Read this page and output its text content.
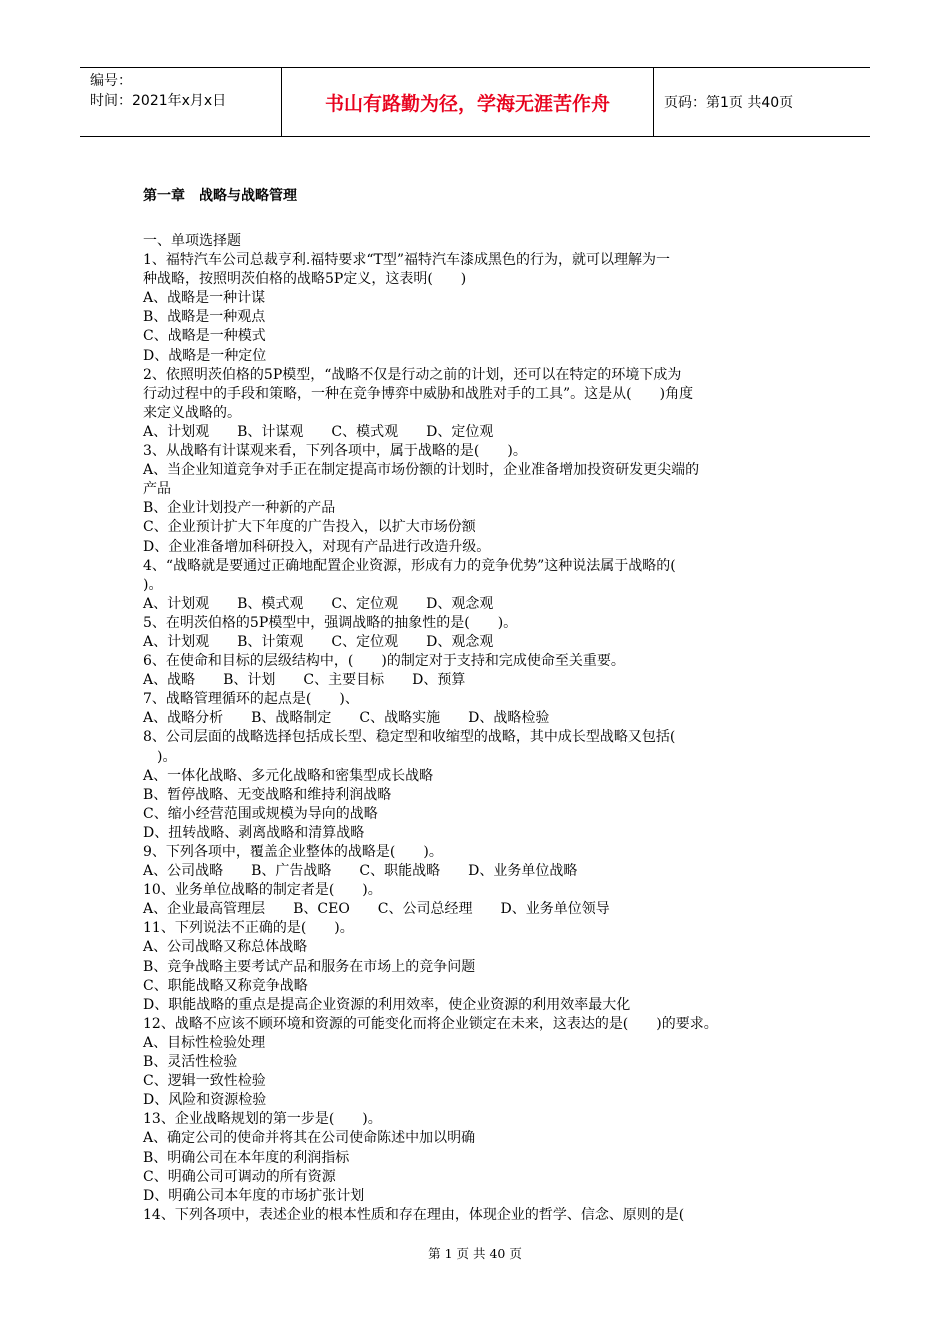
编号：
时间：2021年x月x日	书山有路勤为径，学海无涯苦作舟	页码：第1页 共40页
第一章　战略与战略管理
一、单项选择题
1、福特汽车公司总裁亨利.福特要求“T型”福特汽车漆成黑色的行为，就可以理解为一
种战略，按照明茨伯格的战略5P定义，这表明(　　)
A、战略是一种计谋
B、战略是一种观点
C、战略是一种模式
D、战略是一种定位
2、依照明茨伯格的5P模型，“战略不仅是行动之前的计划，还可以在特定的环境下成为
行动过程中的手段和策略，一种在竞争博弈中威胁和战胜对手的工具”。这是从(　　)角度
来定义战略的。
A、计划观　　B、计谋观　　C、模式观　　D、定位观
3、从战略有计谋观来看，下列各项中，属于战略的是(　　)。
A、当企业知道竞争对手正在制定提高市场份额的计划时，企业准备增加投资研发更尖端的
产品
B、企业计划投产一种新的产品
C、企业预计扩大下年度的广告投入，以扩大市场份额
D、企业准备增加科研投入，对现有产品进行改造升级。
4、“战略就是要通过正确地配置企业资源，形成有力的竞争优势”这种说法属于战略的(
)。
A、计划观　　B、模式观　　C、定位观　　D、观念观
5、在明茨伯格的5P模型中，强调战略的抽象性的是(　　)。
A、计划观　　B、计策观　　C、定位观　　D、观念观
6、在使命和目标的层级结构中，(　　)的制定对于支持和完成使命至关重要。
A、战略　　B、计划　　C、主要目标　　D、预算
7、战略管理循环的起点是(　　)、
A、战略分析　　B、战略制定　　C、战略实施　　D、战略检验
8、公司层面的战略选择包括成长型、稳定型和收缩型的战略，其中成长型战略又包括(
　)。
A、一体化战略、多元化战略和密集型成长战略
B、暂停战略、无变战略和维持利润战略
C、缩小经营范围或规模为导向的战略
D、扭转战略、剥离战略和清算战略
9、下列各项中，覆盖企业整体的战略是(　　)。
A、公司战略　　B、广告战略　　C、职能战略　　D、业务单位战略
10、业务单位战略的制定者是(　　)。
A、企业最高管理层　　B、CEO　　C、公司总经理　　D、业务单位领导
11、下列说法不正确的是(　　)。
A、公司战略又称总体战略
B、竞争战略主要考试产品和服务在市场上的竞争问题
C、职能战略又称竞争战略
D、职能战略的重点是提高企业资源的利用效率，使企业资源的利用效率最大化
12、战略不应该不顾环境和资源的可能变化而将企业锁定在未来，这表达的是(　　)的要求。
A、目标性检验处理
B、灵活性检验
C、逻辑一致性检验
D、风险和资源检验
13、企业战略规划的第一步是(　　)。
A、确定公司的使命并将其在公司使命陈述中加以明确
B、明确公司在本年度的利润指标
C、明确公司可调动的所有资源
D、明确公司本年度的市场扩张计划
14、下列各项中，表述企业的根本性质和存在理由，体现企业的哲学、信念、原则的是(
第 1 页 共 40 页
